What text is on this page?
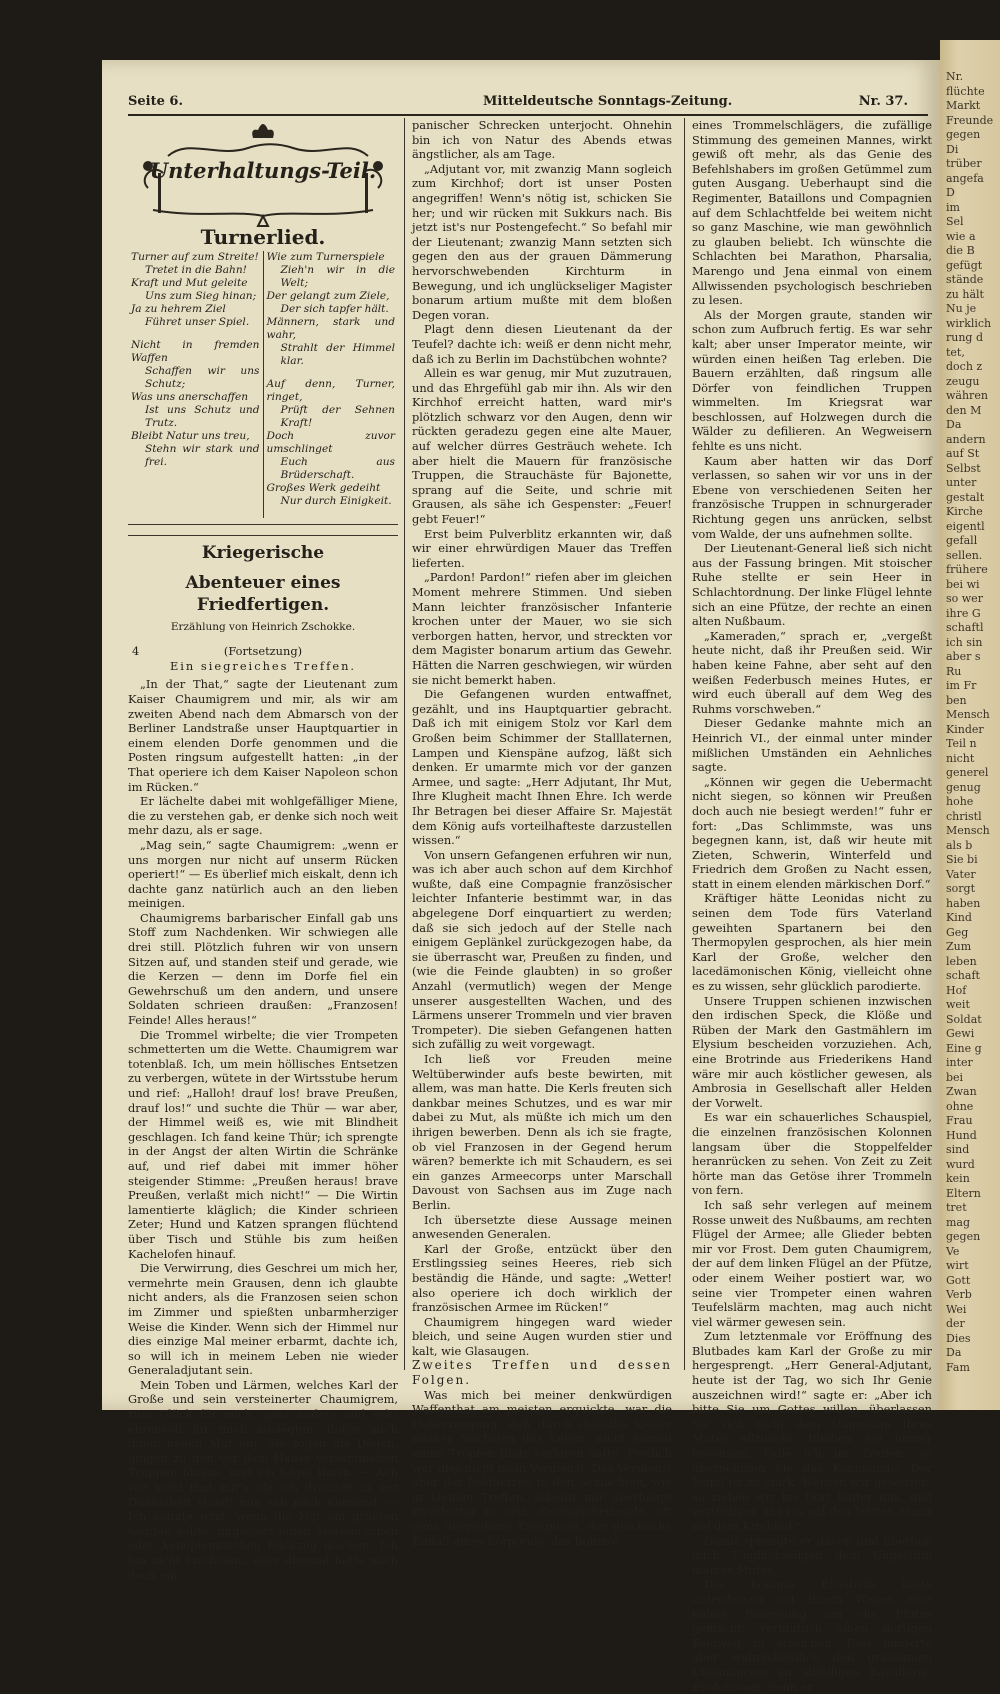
Nr.
flüchte
Markt
Freunde
gegen
Di
trüber
angefa
D
im
Sel
wie a
die B
gefügt
stände
zu hält
Nu je
wirklich
rung d
tet,
doch z
zeugu
währen
den M
Da
andern
auf St
Selbst
unter
gestalt
Kirche
eigentl
gefall
sellen.
frühere
bei wi
so wer
ihre G
schaftl
ich sin
aber s
Ru
im Fr
ben
Mensch
Kinder
Teil n
nicht
generel
genug
hohe
christl
Mensch
als b
Sie bi
Vater
sorgt
haben
Kind
Geg
Zum
leben
schaft
Hof
weit
Soldat
Gewi
Eine g
inter
bei
Zwan
ohne
Frau
Hund
sind
wurd
kein
Eltern
tret
mag
gegen
Ve
wirt
Gott
Verb
Wei
der
Dies
Da
Fam
Seite 6.	Mitteldeutsche Sonntags-Zeitung.	Nr. 37.
Unterhaltungs-Teil.
Turnerlied.
Turner auf zum Streite!
Tretet in die Bahn!
Kraft und Mut geleite
Uns zum Sieg hinan;
Ja zu hehrem Ziel
Führet unser Spiel.
Nicht in fremden Waffen
Schaffen wir uns Schutz;
Was uns anerschaffen
Ist uns Schutz und Trutz.
Bleibt Natur uns treu,
Stehn wir stark und frei.
Wie zum Turnerspiele
Zieh'n wir in die Welt;
Der gelangt zum Ziele,
Der sich tapfer hält.
Männern, stark und wahr,
Strahlt der Himmel klar.
Auf denn, Turner, ringet,
Prüft der Sehnen Kraft!
Doch zuvor umschlinget
Euch aus Brüderschaft.
Großes Werk gedeiht
Nur durch Einigkeit.
Kriegerische
Abenteuer eines Friedfertigen.
Erzählung von Heinrich Zschokke.
4	(Fortsetzung)
Ein siegreiches Treffen.

„In der That,“ sagte der Lieutenant zum Kaiser Chaumigrem und mir, als wir am zweiten Abend nach dem Abmarsch von der Berliner Landstraße unser Hauptquartier in einem elenden Dorfe genommen und die Posten ringsum aufgestellt hatten: „in der That operiere ich dem Kaiser Napoleon schon im Rücken.“

Er lächelte dabei mit wohlgefälliger Miene, die zu verstehen gab, er denke sich noch weit mehr dazu, als er sage.

„Mag sein,“ sagte Chaumigrem: „wenn er uns morgen nur nicht auf unserm Rücken operiert!“ — Es überlief mich eiskalt, denn ich dachte ganz natürlich auch an den lieben meinigen.

Chaumigrems barbarischer Einfall gab uns Stoff zum Nachdenken. Wir schwiegen alle drei still. Plötzlich fuhren wir von unsern Sitzen auf, und standen steif und gerade, wie die Kerzen — denn im Dorfe fiel ein Gewehrschuß um den andern, und unsere Soldaten schrieen draußen: „Franzosen! Feinde! Alles heraus!“

Die Trommel wirbelte; die vier Trompeten schmetterten um die Wette. Chaumigrem war totenblaß. Ich, um mein höllisches Entsetzen zu verbergen, wütete in der Wirtsstube herum und rief: „Halloh! drauf los! brave Preußen, drauf los!“ und suchte die Thür — war aber, der Himmel weiß es, wie mit Blindheit geschlagen. Ich fand keine Thür; ich sprengte in der Angst der alten Wirtin die Schränke auf, und rief dabei mit immer höher steigender Stimme: „Preußen heraus! brave Preußen, verlaßt mich nicht!“ — Die Wirtin lamentierte kläglich; die Kinder schrieen Zeter; Hund und Katzen sprangen flüchtend über Tisch und Stühle bis zum heißen Kachelofen hinauf.

Die Verwirrung, dies Geschrei um mich her, vermehrte mein Grausen, denn ich glaubte nicht anders, als die Franzosen seien schon im Zimmer und spießten unbarmherziger Weise die Kinder. Wenn sich der Himmel nur dies einzige Mal meiner erbarmt, dachte ich, so will ich in meinem Leben nie wieder Generaladjutant sein.

Mein Toben und Lärmen, welches Karl der Große und sein versteinerter Chaumigrem, zum Glück für mich, ganz anders und sehr ehrenvoll für mich auslegten, flößte auch ihnen neuen Mut ein. Sie zogen die Degen, gingen zu den vor dem Hause versammelten Truppen hinaus, und ich folgte ihnen. — Ach wie wohl that mir's, da ich draußen in der Dunkelheit stand! nun sah mich niemand. — Ich konnte jetzt, wenn die Not am größten werden sollte, ungestört einen Moreau'schen oder Xenophontischen Rückzug machen. Ich bin nicht furchtsam, aber diesmal hatte mich doch ein

panischer Schrecken unterjocht. Ohnehin bin ich von Natur des Abends etwas ängstlicher, als am Tage.

„Adjutant vor, mit zwanzig Mann sogleich zum Kirchhof; dort ist unser Posten angegriffen! Wenn's nötig ist, schicken Sie her; und wir rücken mit Sukkurs nach. Bis jetzt ist's nur Postengefecht.“ So befahl mir der Lieutenant; zwanzig Mann setzten sich gegen den aus der grauen Dämmerung hervorschwebenden Kirchturm in Bewegung, und ich unglückseliger Magister bonarum artium mußte mit dem bloßen Degen voran.

Plagt denn diesen Lieutenant da der Teufel? dachte ich: weiß er denn nicht mehr, daß ich zu Berlin im Dachstübchen wohnte?

Allein es war genug, mir Mut zuzutrauen, und das Ehrgefühl gab mir ihn. Als wir den Kirchhof erreicht hatten, ward mir's plötzlich schwarz vor den Augen, denn wir rückten geradezu gegen eine alte Mauer, auf welcher dürres Gesträuch wehete. Ich aber hielt die Mauern für französische Truppen, die Strauchäste für Bajonette, sprang auf die Seite, und schrie mit Grausen, als sähe ich Gespenster: „Feuer! gebt Feuer!“

Erst beim Pulverblitz erkannten wir, daß wir einer ehrwürdigen Mauer das Treffen lieferten.

„Pardon! Pardon!“ riefen aber im gleichen Moment mehrere Stimmen. Und sieben Mann leichter französischer Infanterie krochen unter der Mauer, wo sie sich verborgen hatten, hervor, und streckten vor dem Magister bonarum artium das Gewehr. Hätten die Narren geschwiegen, wir würden sie nicht bemerkt haben.

Die Gefangenen wurden entwaffnet, gezählt, und ins Hauptquartier gebracht. Daß ich mit einigem Stolz vor Karl dem Großen beim Schimmer der Stalllaternen, Lampen und Kienspäne aufzog, läßt sich denken. Er umarmte mich vor der ganzen Armee, und sagte: „Herr Adjutant, Ihr Mut, Ihre Klugheit macht Ihnen Ehre. Ich werde Ihr Betragen bei dieser Affaire Sr. Majestät dem König aufs vorteilhafteste darzustellen wissen.“

Von unsern Gefangenen erfuhren wir nun, was ich aber auch schon auf dem Kirchhof wußte, daß eine Compagnie französischer leichter Infanterie bestimmt war, in das abgelegene Dorf einquartiert zu werden; daß sie sich jedoch auf der Stelle nach einigem Geplänkel zurückgezogen habe, da sie überrascht war, Preußen zu finden, und (wie die Feinde glaubten) in so großer Anzahl (vermutlich) wegen der Menge unserer ausgestellten Wachen, und des Lärmens unserer Trommeln und vier braven Trompeter). Die sieben Gefangenen hatten sich zufällig zu weit vorgewagt.

Ich ließ vor Freuden meine Weltüberwinder aufs beste bewirten, mit allem, was man hatte. Die Kerls freuten sich dankbar meines Schutzes, und es war mir dabei zu Mut, als müßte ich mich um den ihrigen bewerben. Denn als ich sie fragte, ob viel Franzosen in der Gegend herum wären? bemerkte ich mit Schaudern, es sei ein ganzes Armeecorps unter Marschall Davoust von Sachsen aus im Zuge nach Berlin.

Ich übersetzte diese Aussage meinen anwesenden Generalen.

Karl der Große, entzückt über den Erstlingssieg seines Heeres, rieb sich beständig die Hände, und sagte: „Wetter! also operiere ich doch wirklich der französischen Armee im Rücken!“

Chaumigrem hingegen ward wieder bleich, und seine Augen wurden stier und kalt, wie Glasaugen.

Zweites Treffen und dessen Folgen.

Was mich bei meiner denkwürdigen Waffenthat am meisten erquickte, war die Ueberzeugung, daß durch dieselbe keiner meiner Nächsten das Leben, nicht einmal einen Tropfen Bluts verloren hatte. Freilich war dies nicht mein Verdienst. Das Verdienst aber der Feldherren in den Schlachten, wie in kleinen Treffen, scheint mir überhaupt zweideutig zu sein. Geringscheinende, oft ganz übersehene Ereignisse, der glückliche Einfall eines Korporals, das Bonmot

eines Trommelschlägers, die zufällige Stimmung des gemeinen Mannes, wirkt gewiß oft mehr, als das Genie des Befehlshabers im großen Getümmel zum guten Ausgang. Ueberhaupt sind die Regimenter, Bataillons und Compagnien auf dem Schlachtfelde bei weitem nicht so ganz Maschine, wie man gewöhnlich zu glauben beliebt. Ich wünschte die Schlachten bei Marathon, Pharsalia, Marengo und Jena einmal von einem Allwissenden psychologisch beschrieben zu lesen.

Als der Morgen graute, standen wir schon zum Aufbruch fertig. Es war sehr kalt; aber unser Imperator meinte, wir würden einen heißen Tag erleben. Die Bauern erzählten, daß ringsum alle Dörfer von feindlichen Truppen wimmelten. Im Kriegsrat war beschlossen, auf Holzwegen durch die Wälder zu defilieren. An Wegweisern fehlte es uns nicht.

Kaum aber hatten wir das Dorf verlassen, so sahen wir vor uns in der Ebene von verschiedenen Seiten her französische Truppen in schnurgerader Richtung gegen uns anrücken, selbst vom Walde, der uns aufnehmen sollte.

Der Lieutenant-General ließ sich nicht aus der Fassung bringen. Mit stoischer Ruhe stellte er sein Heer in Schlachtordnung. Der linke Flügel lehnte sich an eine Pfütze, der rechte an einen alten Nußbaum.

„Kameraden,“ sprach er, „vergeßt heute nicht, daß ihr Preußen seid. Wir haben keine Fahne, aber seht auf den weißen Federbusch meines Hutes, er wird euch überall auf dem Weg des Ruhms vorschweben.“

Dieser Gedanke mahnte mich an Heinrich VI., der einmal unter minder mißlichen Umständen ein Aehnliches sagte.

„Können wir gegen die Uebermacht nicht siegen, so können wir Preußen doch auch nie besiegt werden!“ fuhr er fort: „Das Schlimmste, was uns begegnen kann, ist, daß wir heute mit Zieten, Schwerin, Winterfeld und Friedrich dem Großen zu Nacht essen, statt in einem elenden märkischen Dorf.“

Kräftiger hätte Leonidas nicht zu seinen dem Tode fürs Vaterland geweihten Spartanern bei den Thermopylen gesprochen, als hier mein Karl der Große, welcher den lacedämonischen König, vielleicht ohne es zu wissen, sehr glücklich parodierte.

Unsere Truppen schienen inzwischen den irdischen Speck, die Klöße und Rüben der Mark den Gastmählern im Elysium bescheiden vorzuziehen. Ach, eine Brotrinde aus Friederikens Hand wäre mir auch köstlicher gewesen, als Ambrosia in Gesellschaft aller Helden der Vorwelt.

Es war ein schauerliches Schauspiel, die einzelnen französischen Kolonnen langsam über die Stoppelfelder heranrücken zu sehen. Von Zeit zu Zeit hörte man das Getöse ihrer Trommeln von fern.

Ich saß sehr verlegen auf meinem Rosse unweit des Nußbaums, am rechten Flügel der Armee; alle Glieder bebten mir vor Frost. Dem guten Chaumigrem, der auf dem linken Flügel an der Pfütze, oder einem Weiher postiert war, wo seine vier Trompeter einen wahren Teufelslärm machten, mag auch nicht viel wärmer gewesen sein.

Zum letztenmale vor Eröffnung des Blutbades kam Karl der Große zu mir hergesprengt. „Herr General-Adjutant, heute ist der Tag, wo sich Ihr Genie auszeichnen wird!“ sagte er: „Aber ich bitte Sie um Gottes willen, überlassen Sie sich nicht dem Ungestüm Ihres Mutes allzusehr. Bleiben Sie immer besonnen. Falle ich im Treffen, so übernehmen Sie das Kommando. Der Feind ist zu stark. Werden wir geworfen, so ziehen wir ins Dorf hinter uns, und verteidigen uns bis auf den letzten Mann auf dem Kirchhof.“

Damit sprengte er davon und überließ mich Unglückseligen dem Ungestüm meines Mutes.

Die Königin Elisabeth hatte unterdessen mit ihrem Wagen eine kühne Bewegung um die Pfütze gemacht, vermutlich einen dortigen Feldweg zu erreichen. Dies hinderte aber wahrscheinlich den grausamen Chaumigrem an allfälligen Kavallerie-Evolutionen; denn er
